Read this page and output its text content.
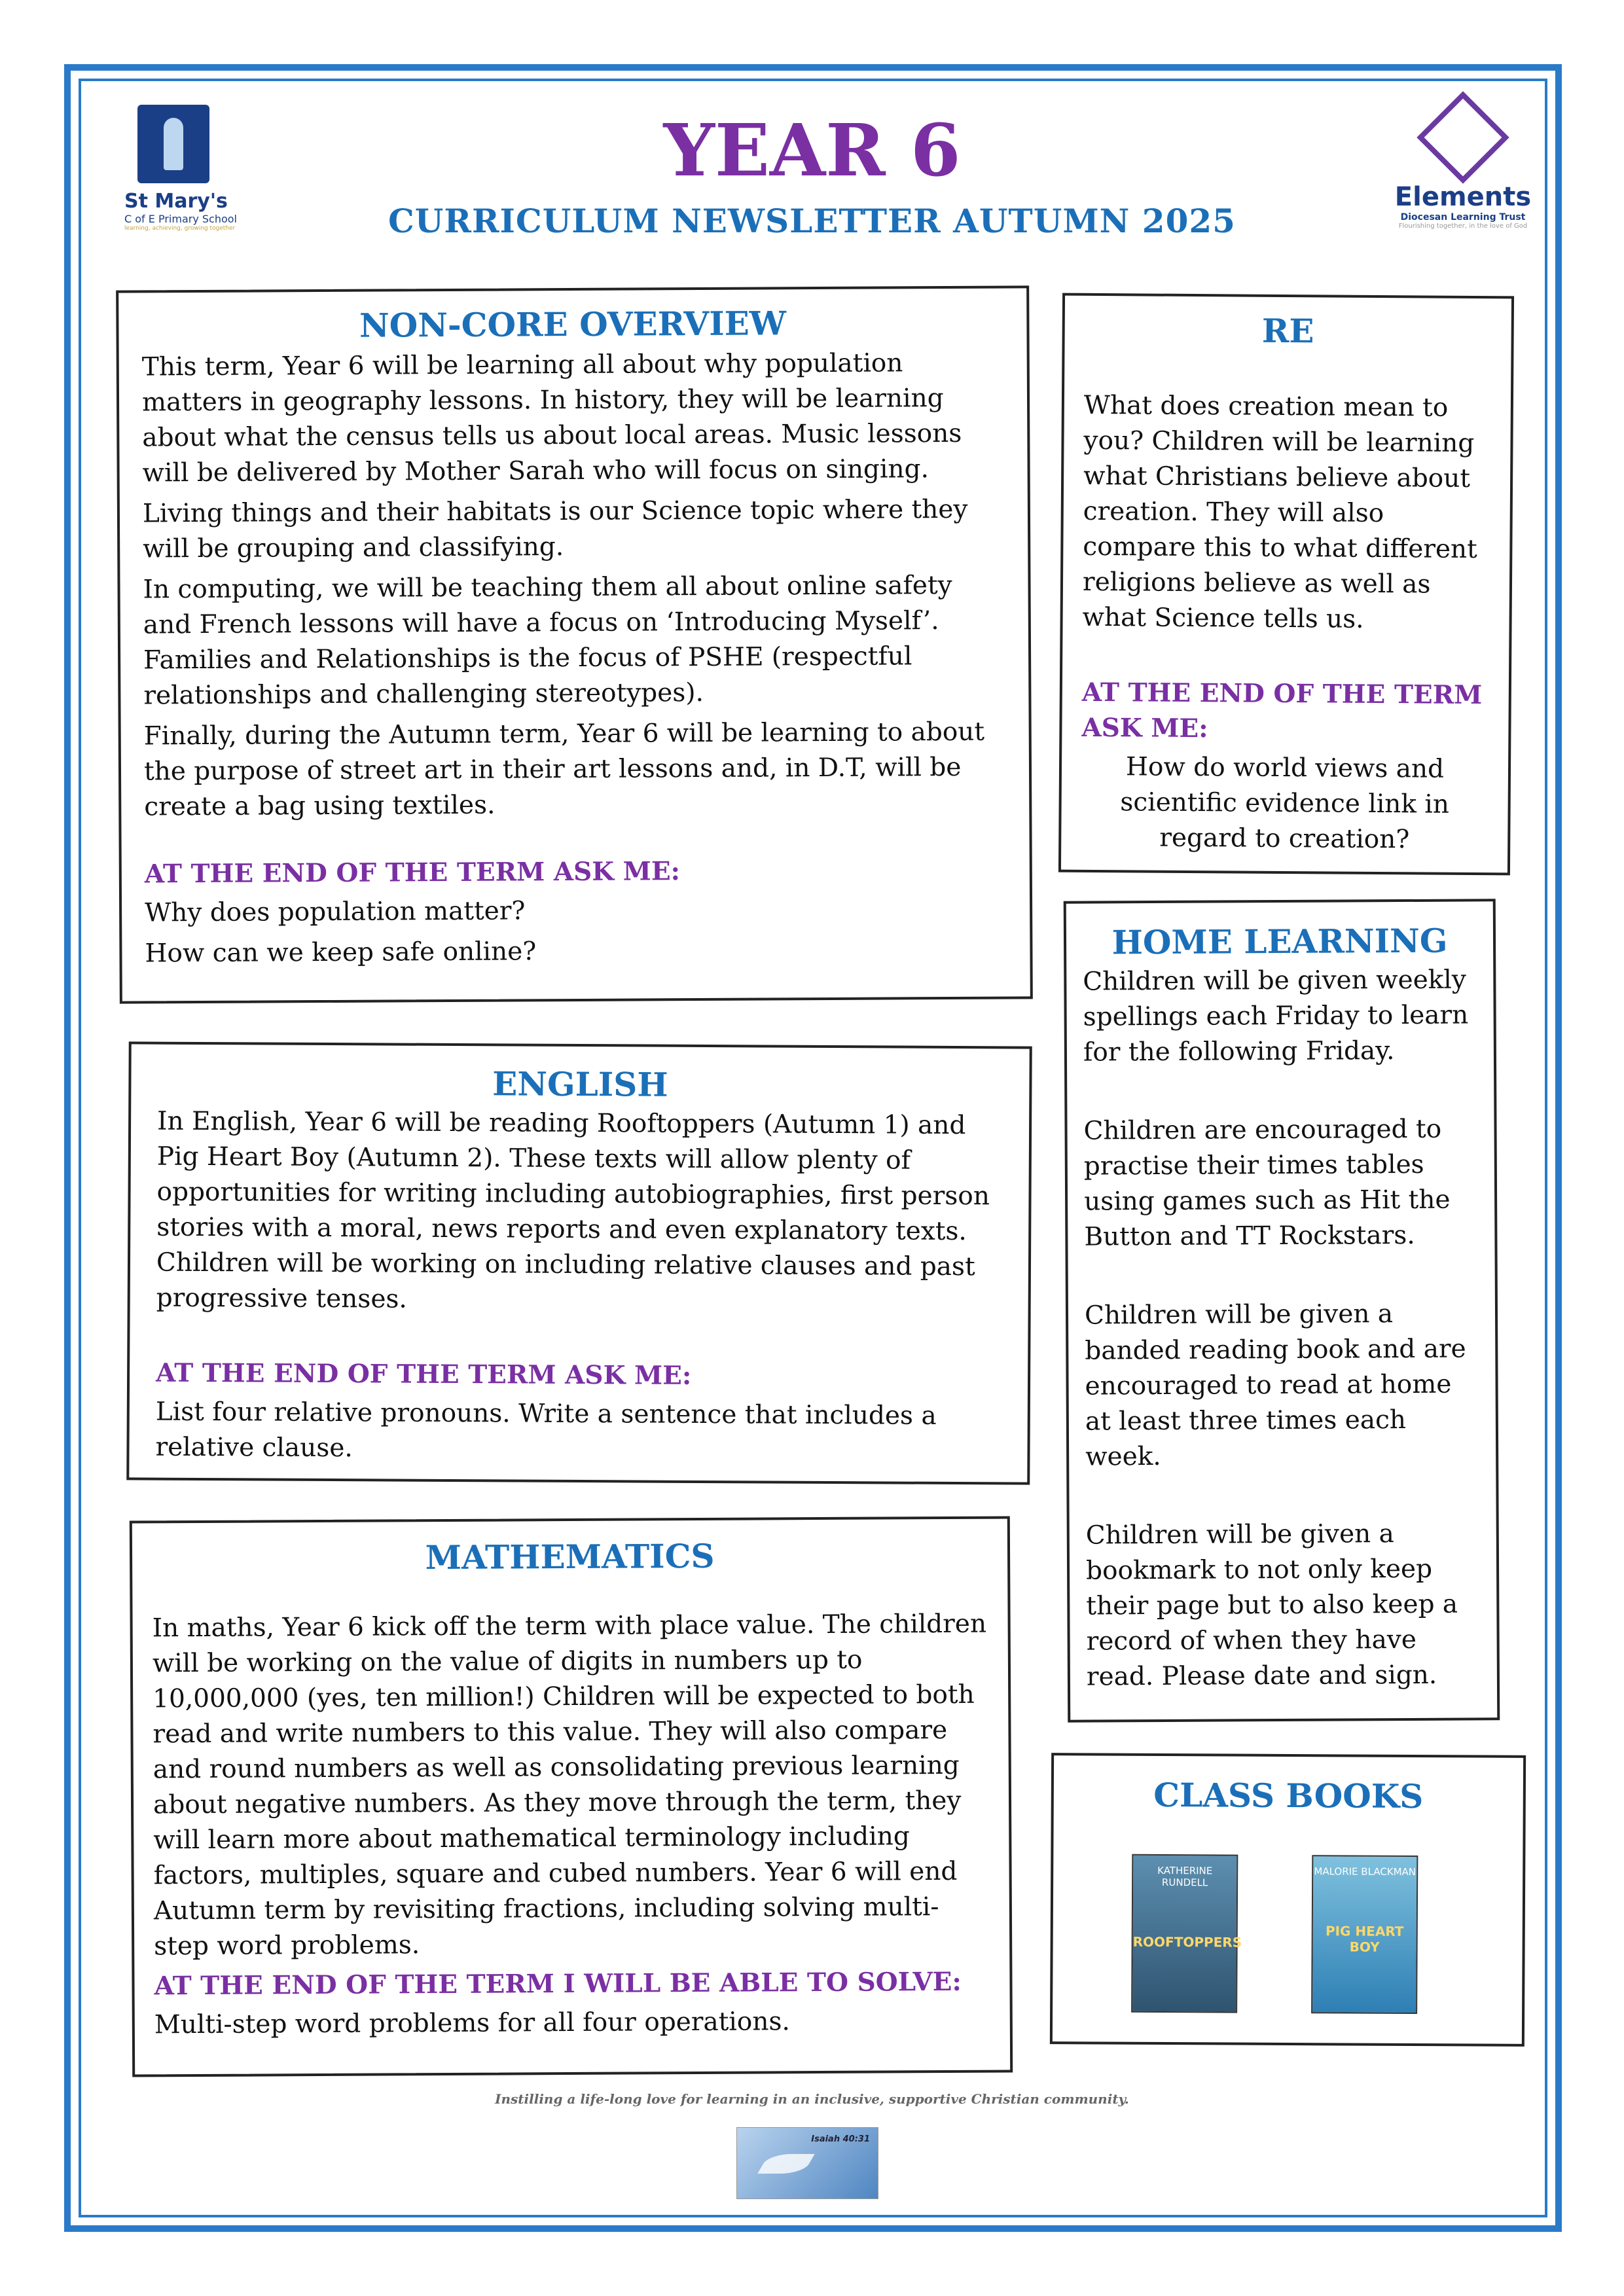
St Mary's
C of E Primary School
learning, achieving, growing together
YEAR 6
CURRICULUM NEWSLETTER AUTUMN 2025
Elements
Diocesan Learning Trust
Flourishing together, in the love of God
NON-CORE OVERVIEW

This term, Year 6 will be learning all about why population matters in geography lessons. In history, they will be learning about what the census tells us about local areas. Music lessons will be delivered by Mother Sarah who will focus on singing.

Living things and their habitats is our Science topic where they will be grouping and classifying.

In computing, we will be teaching them all about online safety and French lessons will have a focus on ‘Introducing Myself’. Families and Relationships is the focus of PSHE (respectful relationships and challenging stereotypes).

Finally, during the Autumn term, Year 6 will be learning to about the purpose of street art in their art lessons and, in D.T, will be create a bag using textiles.

AT THE END OF THE TERM ASK ME:

Why does population matter?

How can we keep safe online?

RE

What does creation mean to you? Children will be learning what Christians believe about creation. They will also compare this to what different religions believe as well as what Science tells us.

AT THE END OF THE TERM ASK ME:

How do world views and scientific evidence link in regard to creation?

HOME LEARNING

Children will be given weekly spellings each Friday to learn for the following Friday.

Children are encouraged to practise their times tables using games such as Hit the Button and TT Rockstars.

Children will be given a banded reading book and are encouraged to read at home at least three times each week.

Children will be given a bookmark to not only keep their page but to also keep a record of when they have read. Please date and sign.

ENGLISH

In English, Year 6 will be reading Rooftoppers (Autumn 1) and Pig Heart Boy (Autumn 2). These texts will allow plenty of opportunities for writing including autobiographies, first person stories with a moral, news reports and even explanatory texts. Children will be working on including relative clauses and past progressive tenses.

AT THE END OF THE TERM ASK ME:

List four relative pronouns. Write a sentence that includes a relative clause.

MATHEMATICS

In maths, Year 6 kick off the term with place value. The children will be working on the value of digits in numbers up to 10,000,000 (yes, ten million!) Children will be expected to both read and write numbers to this value. They will also compare and round numbers as well as consolidating previous learning about negative numbers. As they move through the term, they will learn more about mathematical terminology including factors, multiples, square and cubed numbers. Year 6 will end Autumn term by revisiting fractions, including solving multi-step word problems.

AT THE END OF THE TERM I WILL BE ABLE TO SOLVE:

Multi-step word problems for all four operations.

CLASS BOOKS
KATHERINE RUNDELL
ROOFTOPPERS
MALORIE BLACKMAN
PIG HEART BOY
Instilling a life-long love for learning in an inclusive, supportive Christian community.
Isaiah 40:31
